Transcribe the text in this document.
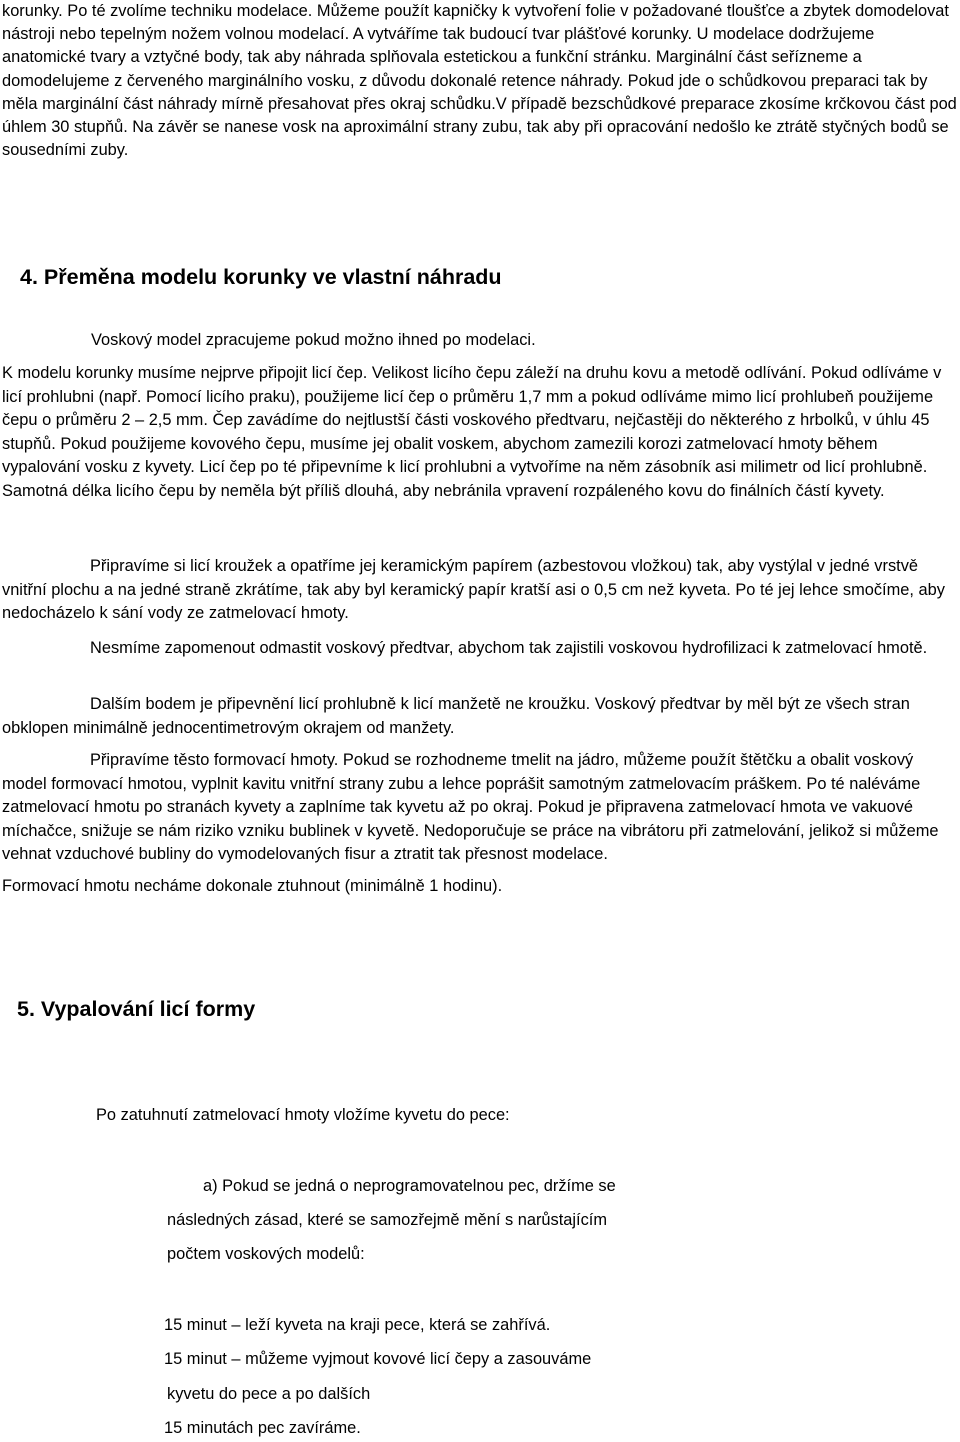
korunky. Po té zvolíme techniku modelace. Můžeme použít kapničky k vytvoření folie v požadované tloušťce a zbytek domodelovat nástroji nebo tepelným nožem volnou modelací. A vytváříme tak budoucí tvar plášťové korunky. U modelace dodržujeme anatomické tvary a vztyčné body, tak aby náhrada splňovala estetickou a funkční stránku. Marginální část seřízneme a domodelujeme z červeného marginálního vosku, z důvodu dokonalé retence náhrady. Pokud jde o schůdkovou preparaci tak by měla marginální část náhrady mírně přesahovat přes okraj schůdku.V případě bezschůdkové preparace zkosíme krčkovou část pod úhlem 30 stupňů. Na závěr se nanese vosk na aproximální strany zubu, tak aby při opracování nedošlo ke ztrátě styčných bodů se sousedními zuby.

4. Přeměna modelu korunky ve vlastní náhradu

Voskový model zpracujeme pokud možno ihned po modelaci.

K modelu korunky musíme nejprve připojit licí čep. Velikost licího čepu záleží na druhu kovu a metodě odlívání. Pokud odlíváme v licí prohlubni (např. Pomocí licího praku), použijeme licí čep o průměru 1,7 mm a pokud odlíváme mimo licí prohlubeň použijeme čepu o průměru 2 – 2,5 mm. Čep zavádíme do nejtlustší části voskového předtvaru, nejčastěji do některého z hrbolků, v úhlu 45 stupňů. Pokud použijeme kovového čepu, musíme jej obalit voskem, abychom zamezili korozi zatmelovací hmoty během vypalování vosku z kyvety. Licí čep po té připevníme k licí prohlubni a vytvoříme na něm zásobník asi milimetr od licí prohlubně. Samotná délka licího čepu by neměla být příliš dlouhá, aby nebránila vpravení rozpáleného kovu do finálních částí kyvety.

Připravíme si licí kroužek a opatříme jej keramickým papírem (azbestovou vložkou) tak, aby vystýlal v jedné vrstvě vnitřní plochu a na jedné straně zkrátíme, tak aby byl keramický papír kratší asi o 0,5 cm než kyveta. Po té jej lehce smočíme, aby nedocházelo k sání vody ze zatmelovací hmoty.

Nesmíme zapomenout odmastit voskový předtvar, abychom tak zajistili voskovou hydrofilizaci k zatmelovací hmotě.

Dalším bodem je připevnění licí prohlubně k licí manžetě ne kroužku. Voskový předtvar by měl být ze všech stran obklopen minimálně jednocentimetrovým okrajem od manžety.

Připravíme těsto formovací hmoty. Pokud se rozhodneme tmelit na jádro, můžeme použít štětčku a obalit voskový model formovací hmotou, vyplnit kavitu vnitřní strany zubu a lehce poprášit samotným zatmelovacím práškem. Po té naléváme zatmelovací hmotu po stranách kyvety a zaplníme tak kyvetu až po okraj. Pokud je připravena zatmelovací hmota ve vakuové míchačce, snižuje se nám riziko vzniku bublinek v kyvetě. Nedoporučuje se práce na vibrátoru při zatmelování, jelikož si můžeme vehnat vzduchové bubliny do vymodelovaných fisur a ztratit tak přesnost modelace.

Formovací hmotu necháme dokonale ztuhnout (minimálně 1 hodinu).

5. Vypalování licí formy

Po zatuhnutí zatmelovací hmoty vložíme kyvetu do pece:

a) Pokud se jedná o neprogramovatelnou pec, držíme se

následných zásad, které se samozřejmě mění s narůstajícím

počtem voskových modelů:

15 minut – leží kyveta na kraji pece, která se zahřívá.

15 minut – můžeme vyjmout kovové licí čepy a zasouváme

kyvetu do pece a po dalších

15 minutách pec zavíráme.
